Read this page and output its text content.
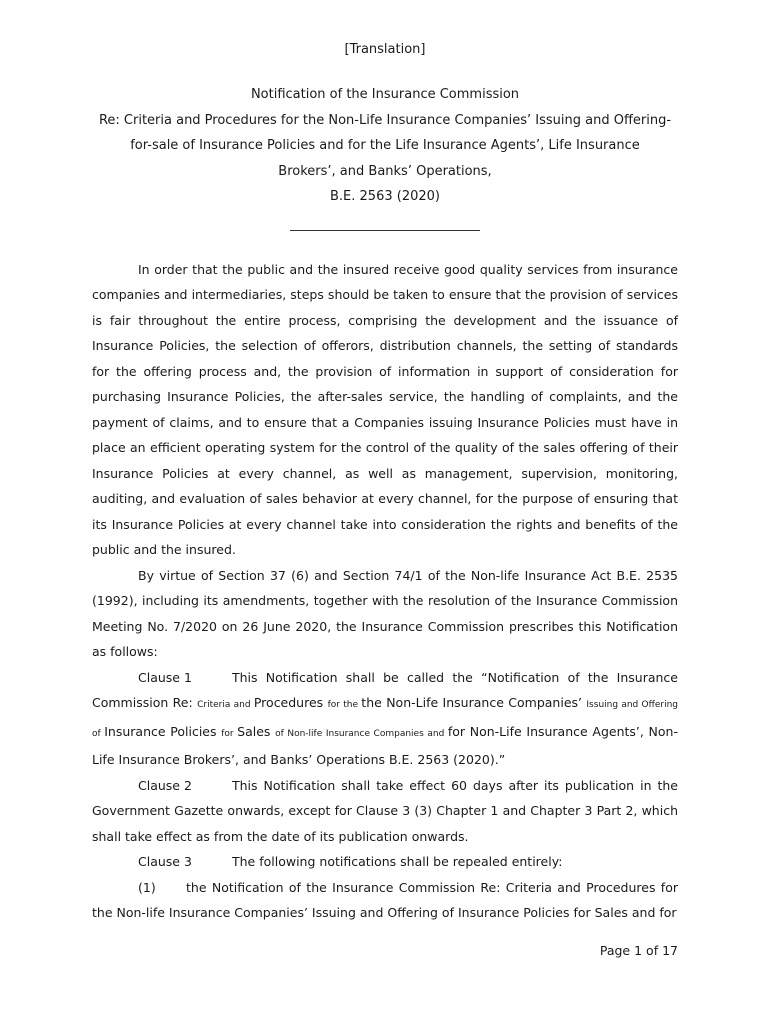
[Translation]
Notification of the Insurance Commission
Re: Criteria and Procedures for the Non-Life Insurance Companies’ Issuing and Offering-
for-sale of Insurance Policies and for the Life Insurance Agents’, Life Insurance
Brokers’, and Banks’ Operations,
B.E. 2563 (2020)

In order that the public and the insured receive good quality services from insurance companies and intermediaries, steps should be taken to ensure that the provision of services is fair throughout the entire process, comprising the development and the issuance of Insurance Policies, the selection of offerors, distribution channels, the setting of standards for the offering process and, the provision of information in support of consideration for purchasing Insurance Policies, the after-sales service, the handling of complaints, and the payment of claims, and to ensure that a Companies issuing Insurance Policies must have in place an efficient operating system for the control of the quality of the sales offering of their Insurance Policies at every channel, as well as management, supervision, monitoring, auditing, and evaluation of sales behavior at every channel, for the purpose of ensuring that its Insurance Policies at every channel take into consideration the rights and benefits of the public and the insured.

By virtue of Section 37 (6) and Section 74/1 of the Non-life Insurance Act B.E. 2535 (1992), including its amendments, together with the resolution of the Insurance Commission Meeting No. 7/2020 on 26 June 2020, the Insurance Commission prescribes this Notification as follows:

Clause 1	This Notification shall be called the “Notification of the Insurance Commission Re: Criteria and Procedures for the the Non-Life Insurance Companies’ Issuing and Offering of Insurance Policies for Sales of Non-life Insurance Companies and for Non-Life Insurance Agents’, Non-Life Insurance Brokers’, and Banks’ Operations B.E. 2563 (2020).”

Clause 2	This Notification shall take effect 60 days after its publication in the Government Gazette onwards, except for Clause 3 (3) Chapter 1 and Chapter 3 Part 2, which shall take effect as from the date of its publication onwards.

Clause 3	The following notifications shall be repealed entirely:

(1) the Notification of the Insurance Commission Re: Criteria and Procedures for the Non-life Insurance Companies’ Issuing and Offering of Insurance Policies for Sales and for

Page 1 of 17
